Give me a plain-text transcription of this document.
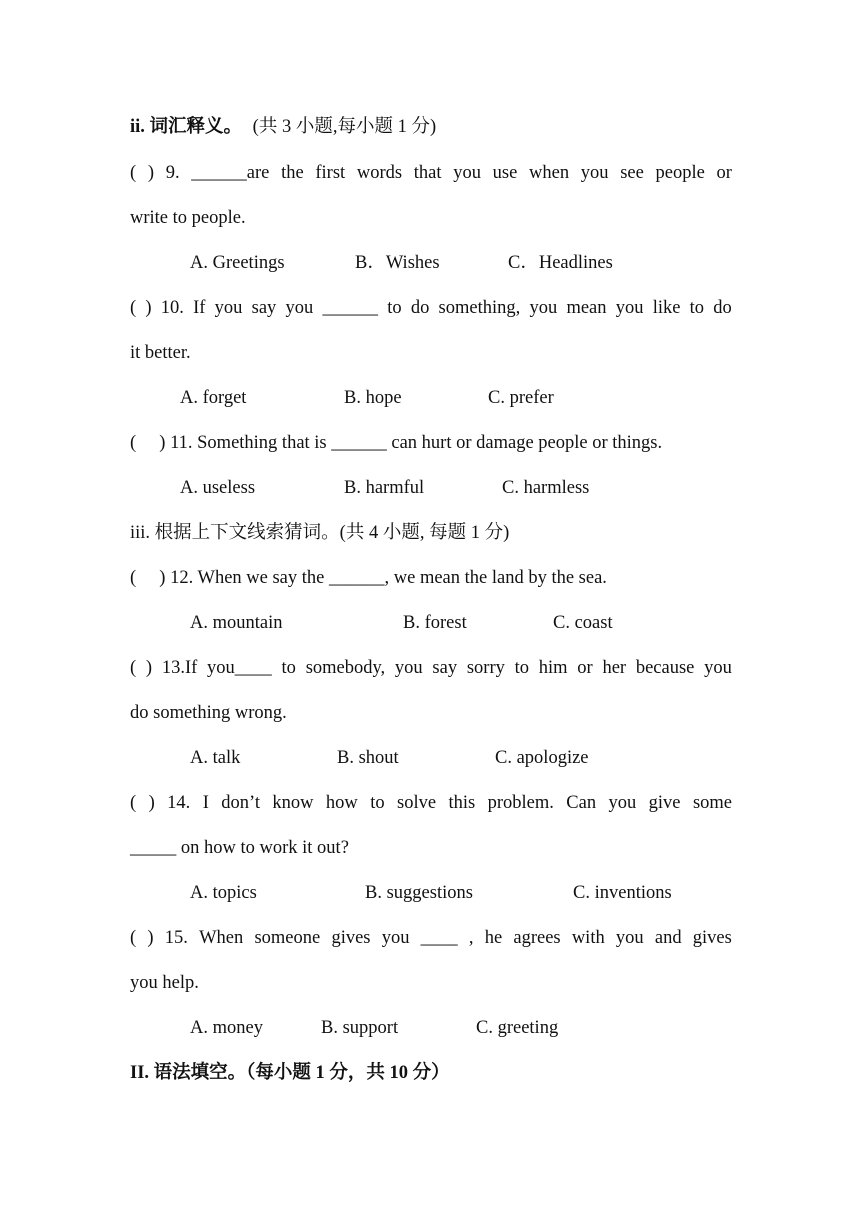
ii. 词汇释义。 (共 3 小题,每小题 1 分)
( ) 9. ______are the first words that you use when you see people or
write to people.
A. Greetings	B．Wishes	C．Headlines
( ) 10. If you say you ______ to do something, you mean you like to do
it better.
A. forget	B. hope	C. prefer
(     ) 11. Something that is ______ can hurt or damage people or things.
A. useless	B. harmful	C. harmless
iii. 根据上下文线索猜词。(共 4 小题, 每题 1 分)
(     ) 12. When we say the ______, we mean the land by the sea.
A. mountain	B. forest	C. coast
( ) 13.If you____ to somebody, you say sorry to him or her because you
do something wrong.
A. talk	B. shout	C. apologize
( ) 14. I don’t know how to solve this problem. Can you give some
_____ on how to work it out?
A. topics	B. suggestions	C. inventions
( ) 15. When someone gives you ____ , he agrees with you and gives
you help.
A. money	B. support	C. greeting
II. 语法填空。（每小题 1 分，共 10 分）
